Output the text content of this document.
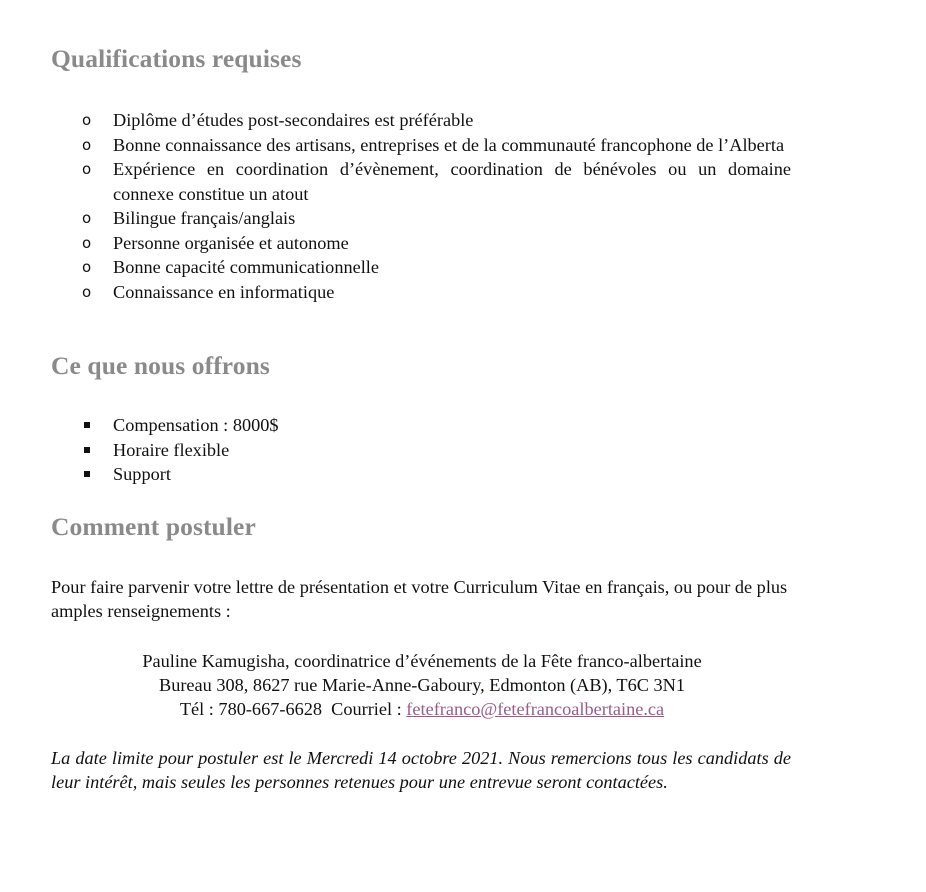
Qualifications requises
o Diplôme d’études post-secondaires est préférable
o Bonne connaissance des artisans, entreprises et de la communauté francophone de l’Alberta
o Expérience en coordination d’évènement, coordination de bénévoles ou un domaine connexe constitue un atout
o Bilingue français/anglais
o Personne organisée et autonome
o Bonne capacité communicationnelle
o Connaissance en informatique
Ce que nous offrons
Compensation : 8000$
Horaire flexible
Support
Comment postuler

Pour faire parvenir votre lettre de présentation et votre Curriculum Vitae en français, ou pour de plus amples renseignements :

Pauline Kamugisha, coordinatrice d’événements de la Fête franco-albertaine
Bureau 308, 8627 rue Marie-Anne-Gaboury, Edmonton (AB), T6C 3N1
Tél : 780-667-6628  Courriel : fetefranco@fetefrancoalbertaine.ca

La date limite pour postuler est le Mercredi 14 octobre 2021. Nous remercions tous les candidats de leur intérêt, mais seules les personnes retenues pour une entrevue seront contactées.
